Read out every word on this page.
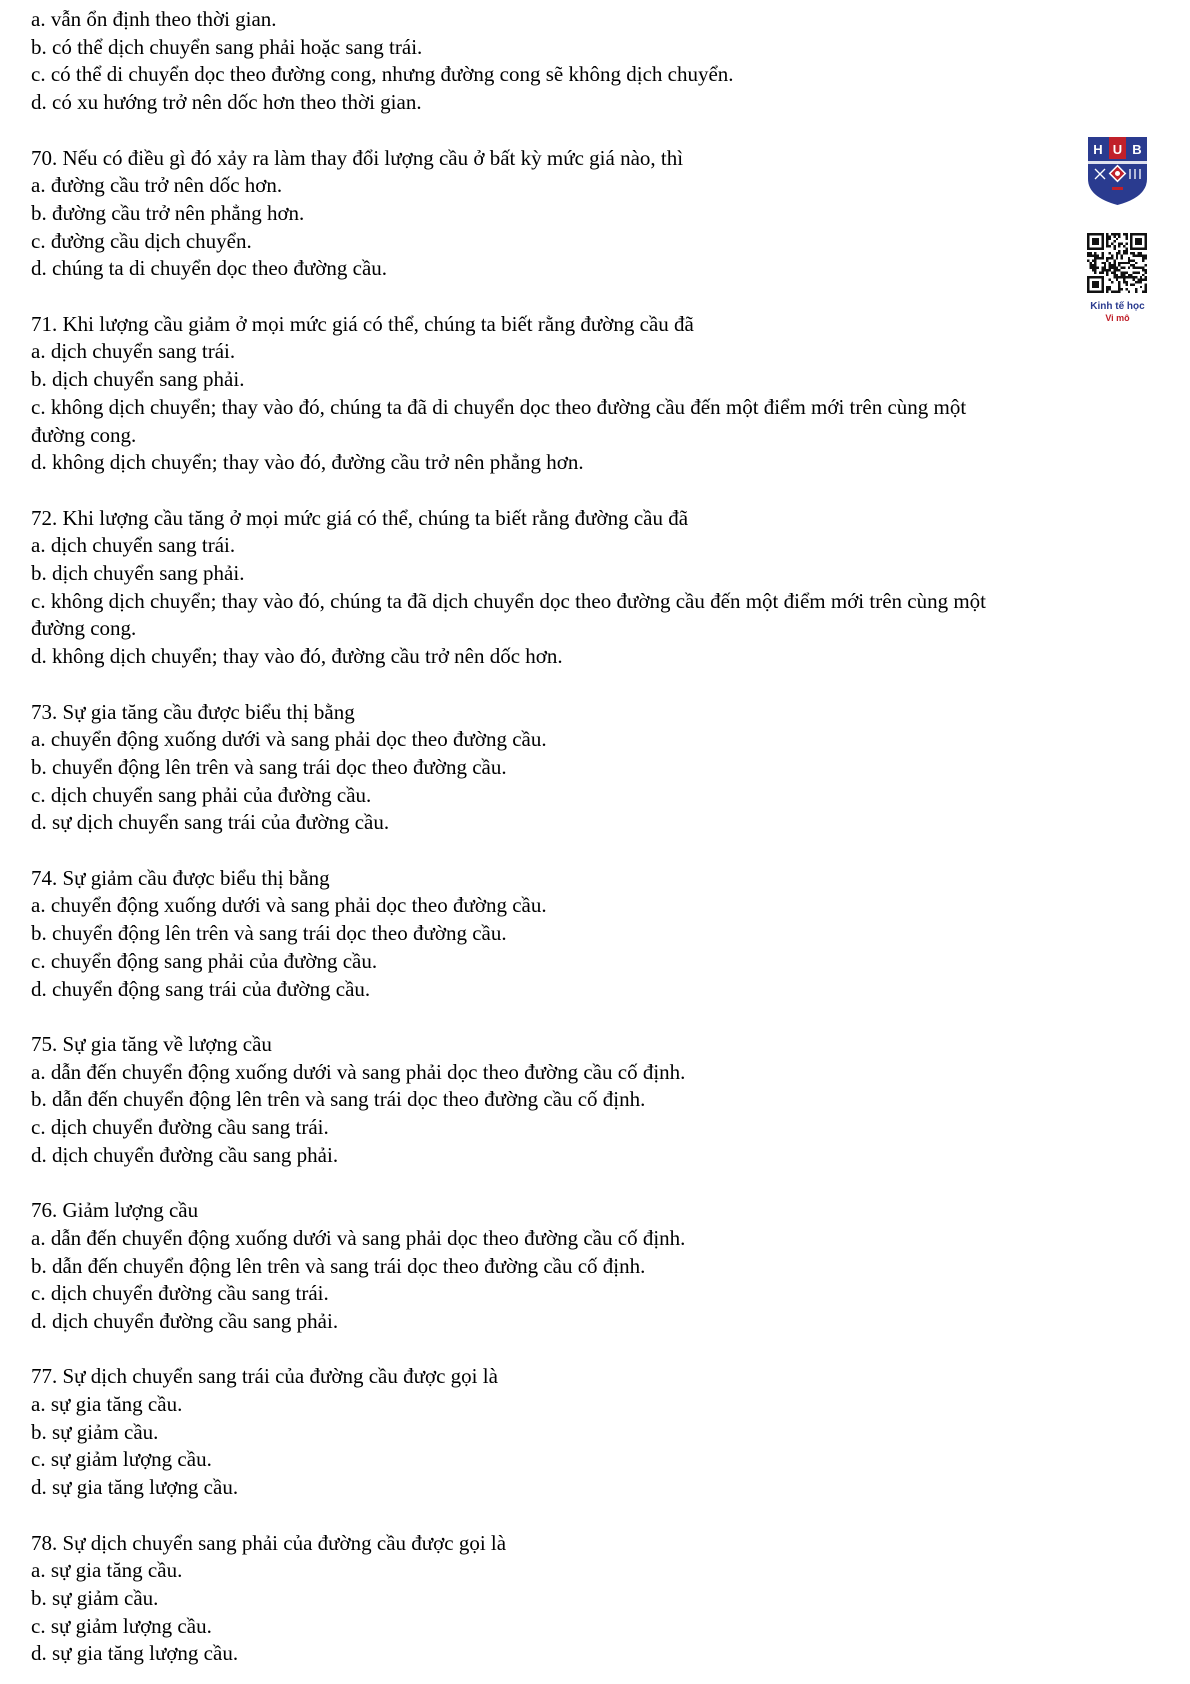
a. vẫn ổn định theo thời gian.
b. có thể dịch chuyển sang phải hoặc sang trái.
c. có thể di chuyển dọc theo đường cong, nhưng đường cong sẽ không dịch chuyển.
d. có xu hướng trở nên dốc hơn theo thời gian.
70. Nếu có điều gì đó xảy ra làm thay đổi lượng cầu ở bất kỳ mức giá nào, thì
a. đường cầu trở nên dốc hơn.
b. đường cầu trở nên phẳng hơn.
c. đường cầu dịch chuyển.
d. chúng ta di chuyển dọc theo đường cầu.
71. Khi lượng cầu giảm ở mọi mức giá có thể, chúng ta biết rằng đường cầu đã
a. dịch chuyển sang trái.
b. dịch chuyển sang phải.
c. không dịch chuyển; thay vào đó, chúng ta đã di chuyển dọc theo đường cầu đến một điểm mới trên cùng một
đường cong.
d. không dịch chuyển; thay vào đó, đường cầu trở nên phẳng hơn.
72. Khi lượng cầu tăng ở mọi mức giá có thể, chúng ta biết rằng đường cầu đã
a. dịch chuyển sang trái.
b. dịch chuyển sang phải.
c. không dịch chuyển; thay vào đó, chúng ta đã dịch chuyển dọc theo đường cầu đến một điểm mới trên cùng một
đường cong.
d. không dịch chuyển; thay vào đó, đường cầu trở nên dốc hơn.
73. Sự gia tăng cầu được biểu thị bằng
a. chuyển động xuống dưới và sang phải dọc theo đường cầu.
b. chuyển động lên trên và sang trái dọc theo đường cầu.
c. dịch chuyển sang phải của đường cầu.
d. sự dịch chuyển sang trái của đường cầu.
74. Sự giảm cầu được biểu thị bằng
a. chuyển động xuống dưới và sang phải dọc theo đường cầu.
b. chuyển động lên trên và sang trái dọc theo đường cầu.
c. chuyển động sang phải của đường cầu.
d. chuyển động sang trái của đường cầu.
75. Sự gia tăng về lượng cầu
a. dẫn đến chuyển động xuống dưới và sang phải dọc theo đường cầu cố định.
b. dẫn đến chuyển động lên trên và sang trái dọc theo đường cầu cố định.
c. dịch chuyển đường cầu sang trái.
d. dịch chuyển đường cầu sang phải.
76. Giảm lượng cầu
a. dẫn đến chuyển động xuống dưới và sang phải dọc theo đường cầu cố định.
b. dẫn đến chuyển động lên trên và sang trái dọc theo đường cầu cố định.
c. dịch chuyển đường cầu sang trái.
d. dịch chuyển đường cầu sang phải.
77. Sự dịch chuyển sang trái của đường cầu được gọi là
a. sự gia tăng cầu.
b. sự giảm cầu.
c. sự giảm lượng cầu.
d. sự gia tăng lượng cầu.
78. Sự dịch chuyển sang phải của đường cầu được gọi là
a. sự gia tăng cầu.
b. sự giảm cầu.
c. sự giảm lượng cầu.
d. sự gia tăng lượng cầu.
H U B
Kinh tế học
Vi mô
